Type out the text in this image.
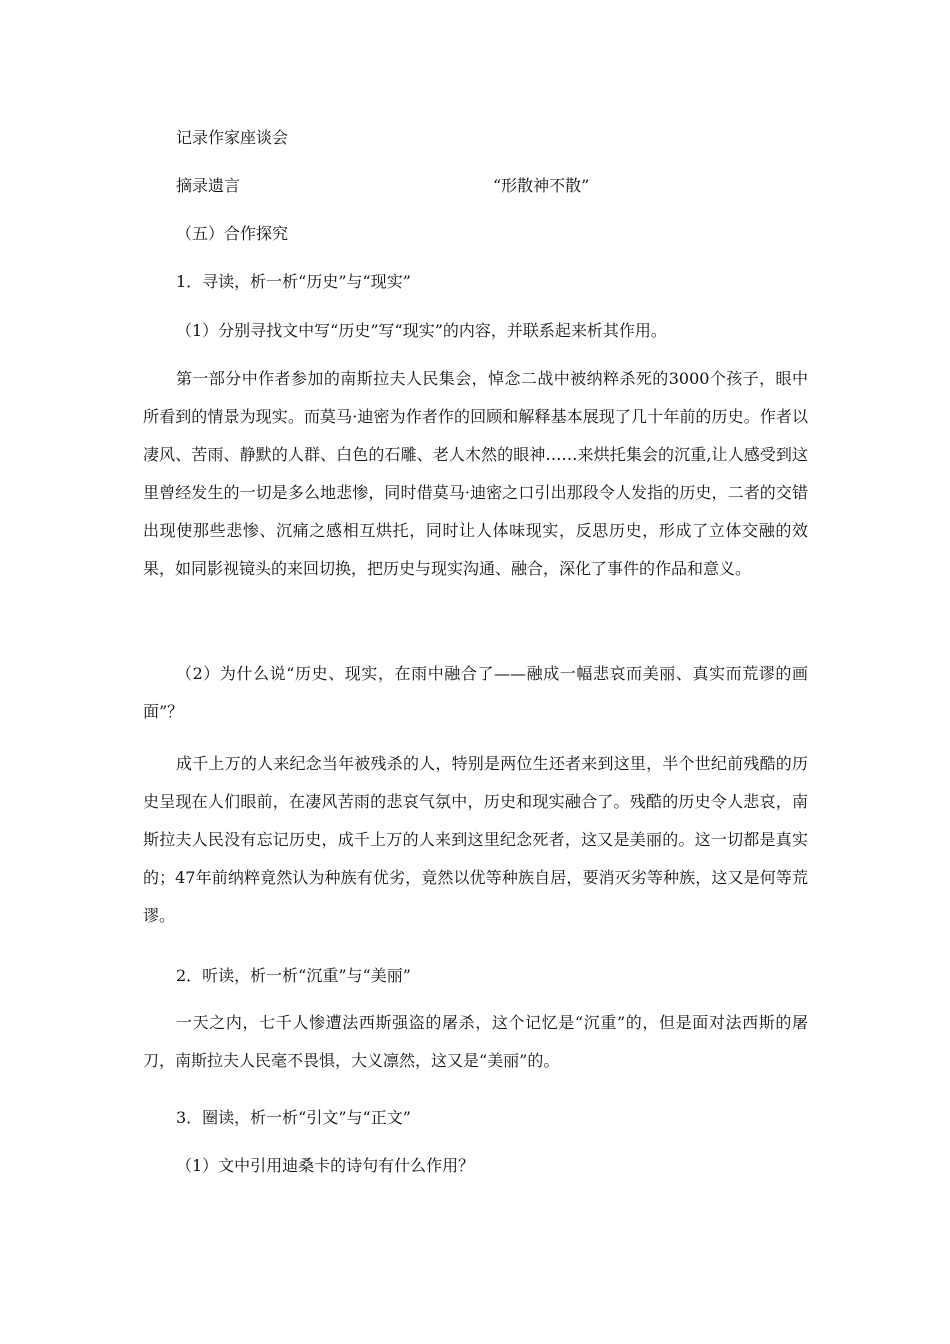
记录作家座谈会
摘录遗言	“形散神不散”
（五）合作探究
1．寻读，析一析“历史”与“现实”
（1）分别寻找文中写“历史”写“现实”的内容，并联系起来析其作用。
第一部分中作者参加的南斯拉夫人民集会，悼念二战中被纳粹杀死的3000个孩子，眼中所看到的情景为现实。而莫马·迪密为作者作的回顾和解释基本展现了几十年前的历史。作者以凄风、苦雨、静默的人群、白色的石雕、老人木然的眼神……来烘托集会的沉重,让人感受到这里曾经发生的一切是多么地悲惨，同时借莫马·迪密之口引出那段令人发指的历史，二者的交错出现使那些悲惨、沉痛之感相互烘托，同时让人体味现实，反思历史，形成了立体交融的效果，如同影视镜头的来回切换，把历史与现实沟通、融合，深化了事件的作品和意义。
（2）为什么说“历史、现实，在雨中融合了——融成一幅悲哀而美丽、真实而荒谬的画面”？
成千上万的人来纪念当年被残杀的人，特别是两位生还者来到这里，半个世纪前残酷的历史呈现在人们眼前，在凄风苦雨的悲哀气氛中，历史和现实融合了。残酷的历史令人悲哀，南斯拉夫人民没有忘记历史，成千上万的人来到这里纪念死者，这又是美丽的。这一切都是真实的；47年前纳粹竟然认为种族有优劣，竟然以优等种族自居，要消灭劣等种族，这又是何等荒谬。
2．听读，析一析“沉重”与“美丽”
一天之内，七千人惨遭法西斯强盗的屠杀，这个记忆是“沉重”的，但是面对法西斯的屠刀，南斯拉夫人民毫不畏惧，大义凛然，这又是“美丽”的。
3．圈读，析一析“引文”与“正文”
（1）文中引用迪桑卡的诗句有什么作用？
